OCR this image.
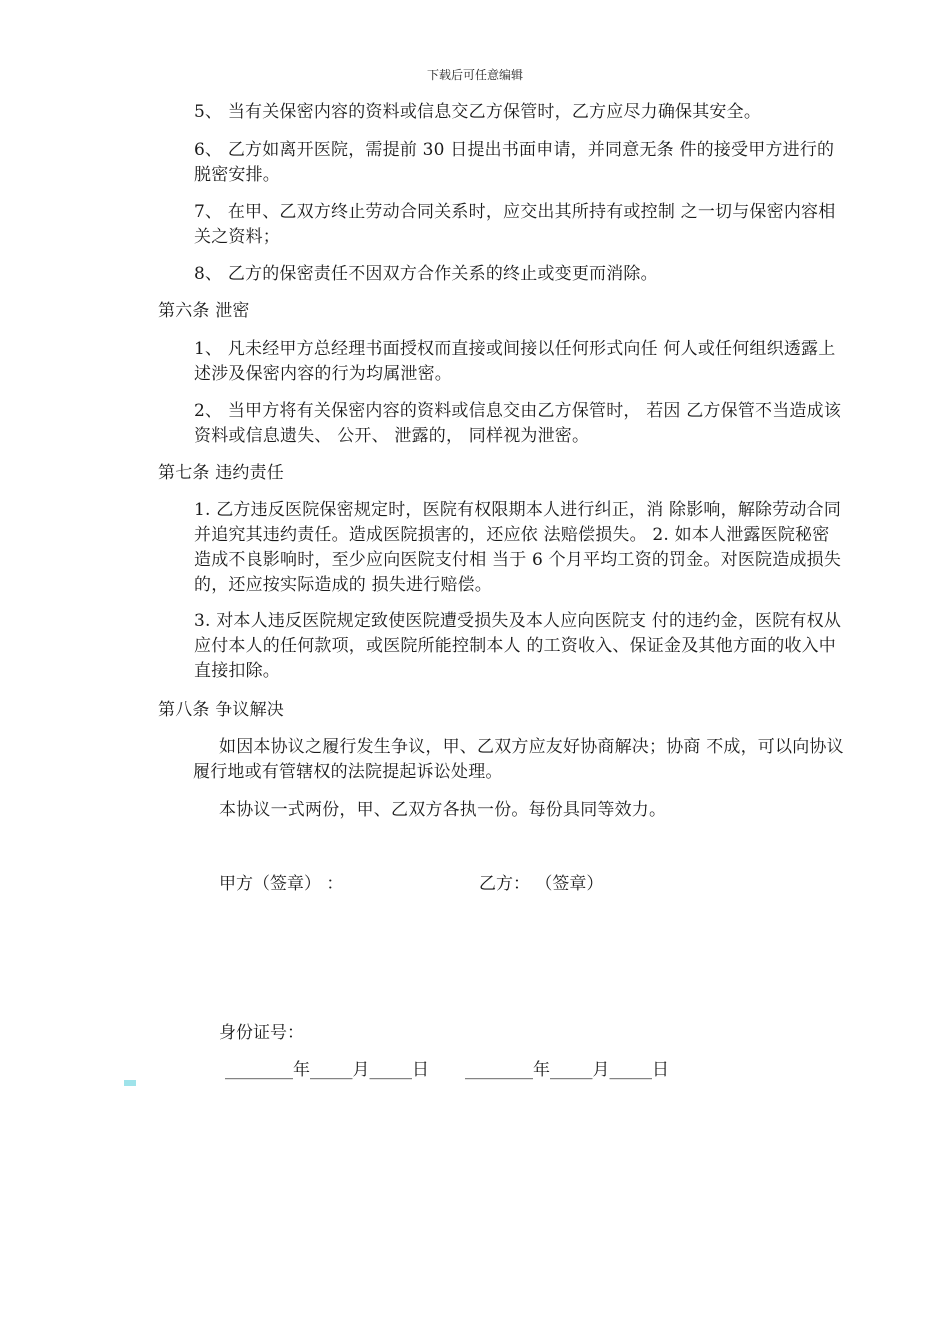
下载后可任意编辑

5、 当有关保密内容的资料或信息交乙方保管时，乙方应尽力确保其安全。

6、 乙方如离开医院，需提前 30 日提出书面申请，并同意无条 件的接受甲方进行的脱密安排。

7、 在甲、乙双方终止劳动合同关系时，应交出其所持有或控制 之一切与保密内容相关之资料；

8、 乙方的保密责任不因双方合作关系的终止或变更而消除。

第六条 泄密

1、 凡未经甲方总经理书面授权而直接或间接以任何形式向任 何人或任何组织透露上述涉及保密内容的行为均属泄密。

2、 当甲方将有关保密内容的资料或信息交由乙方保管时， 若因 乙方保管不当造成该资料或信息遗失、 公开、 泄露的， 同样视为泄密。

第七条 违约责任

1. 乙方违反医院保密规定时，医院有权限期本人进行纠正，消 除影响，解除劳动合同并追究其违约责任。造成医院损害的，还应依 法赔偿损失。 2. 如本人泄露医院秘密造成不良影响时，至少应向医院支付相 当于 6 个月平均工资的罚金。对医院造成损失的，还应按实际造成的 损失进行赔偿。

3. 对本人违反医院规定致使医院遭受损失及本人应向医院支 付的违约金，医院有权从应付本人的任何款项，或医院所能控制本人 的工资收入、保证金及其他方面的收入中直接扣除。

第八条 争议解决

如因本协议之履行发生争议，甲、乙双方应友好协商解决；协商 不成，可以向协议履行地或有管辖权的法院提起诉讼处理。

本协议一式两份，甲、乙双方各执一份。每份具同等效力。

甲方（签章） ：	乙方： （签章）
身份证号：
________年_____月_____日 ________年_____月_____日
